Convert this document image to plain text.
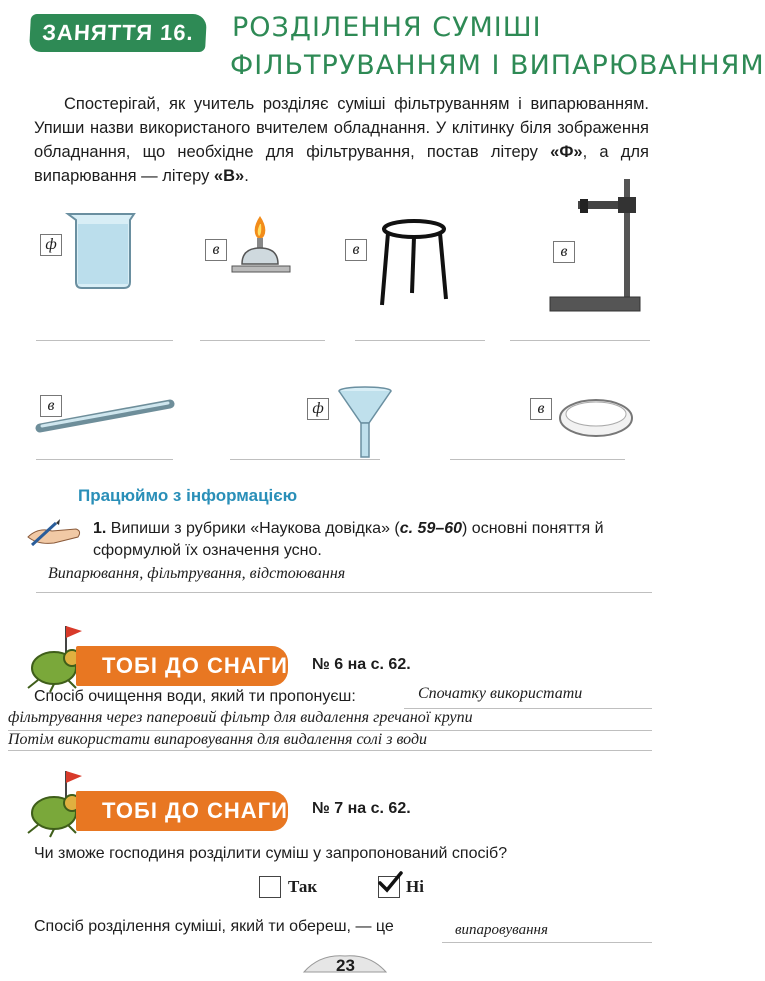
ЗАНЯТТЯ 16. РОЗДІЛЕННЯ СУМІШІ
ФІЛЬТРУВАННЯМ І ВИПАРЮВАННЯМ
Спостерігай, як учитель розділяє суміші фільтруванням і випарюванням. Упиши назви використаного вчителем обладнання. У клітинку біля зображення обладнання, що необхідне для фільтрування, постав літеру «Ф», а для випарювання — літеру «В».
ф	в	в	в
в	ф	в
Працюймо з інформацією
1. Випиши з рубрики «Наукова довідка» (с. 59–60) основні поняття й сформулюй їх означення усно.
Випарювання, фільтрування, відстоювання
ТОБІ ДО СНАГИ № 6 на с. 62.
Спосіб очищення води, який ти пропонуєш:	Спочатку використати
фільтрування через паперовий фільтр для видалення гречаної крупи
Потім використати випаровування для видалення солі з води
ТОБІ ДО СНАГИ № 7 на с. 62.
Чи зможе господиня розділити суміш у запропонований спосіб?
Так	Ні
Спосіб розділення суміші, який ти обереш, — це	випаровування
23
